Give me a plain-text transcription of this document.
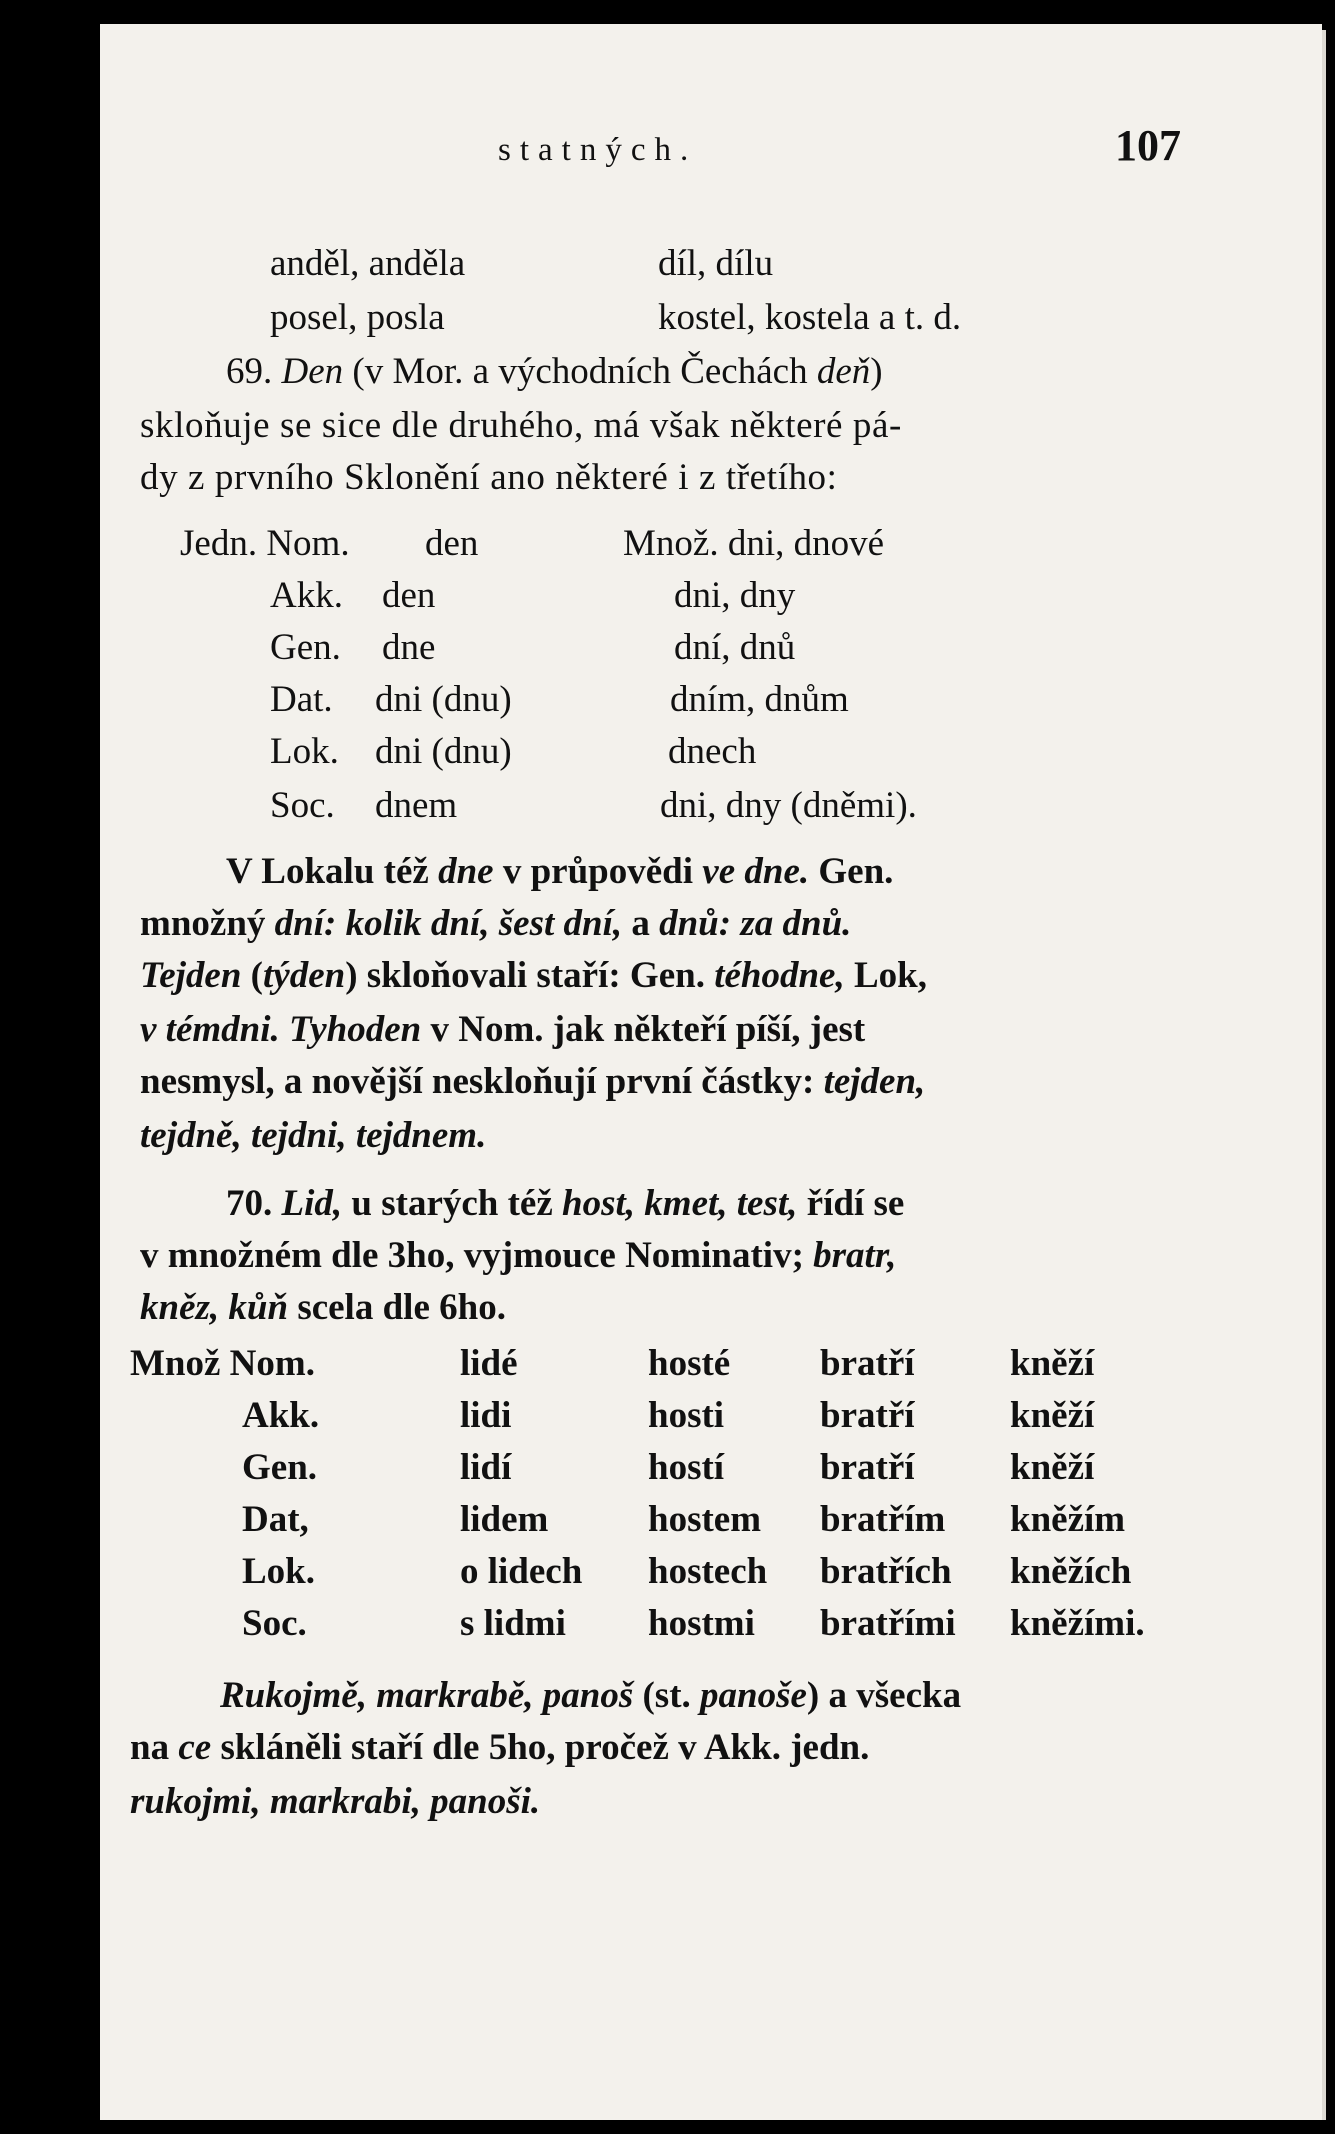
statných.	107
anděl, anděla	díl, dílu
posel, posla	kostel, kostela a t. d.
69. Den (v Mor. a východních Čechách deň)
skloňuje se sice dle druhého, má však některé pá-
dy z prvního Sklonění ano některé i z třetího:
Jedn. Nom. den	Množ. dni, dnové
Akk. den	dni, dny
Gen. dne	dní, dnů
Dat. dni (dnu)	dním, dnům
Lok. dni (dnu)	dnech
Soc. dnem	dni, dny (dněmi).
V Lokalu též dne v průpovědi ve dne. Gen.
množný dní: kolik dní, šest dní, a dnů: za dnů.
Tejden (týden) skloňovali staří: Gen. téhodne, Lok,
v témdni. Tyhoden v Nom. jak někteří píší, jest
nesmysl, a novější neskloňují první částky: tejden,
tejdně, tejdni, tejdnem.
70. Lid, u starých též host, kmet, test, řídí se
v množném dle 3ho, vyjmouce Nominativ; bratr,
kněz, kůň scela dle 6ho.
Množ Nom.	lidé	hosté bratří	kněží
Akk.	lidi	hosti	bratří	kněží
Gen.	lidí	hostí	bratří	kněží
Dat,	lidem	hostem bratřím kněžím
Lok.	o lidech hostech bratřích kněžích
Soc.	s lidmi hostmi bratřími kněžími.
Rukojmě, markrabě, panoš (st. panoše) a všecka
na ce skláněli staří dle 5ho, pročež v Akk. jedn.
rukojmi, markrabi, panoši.
